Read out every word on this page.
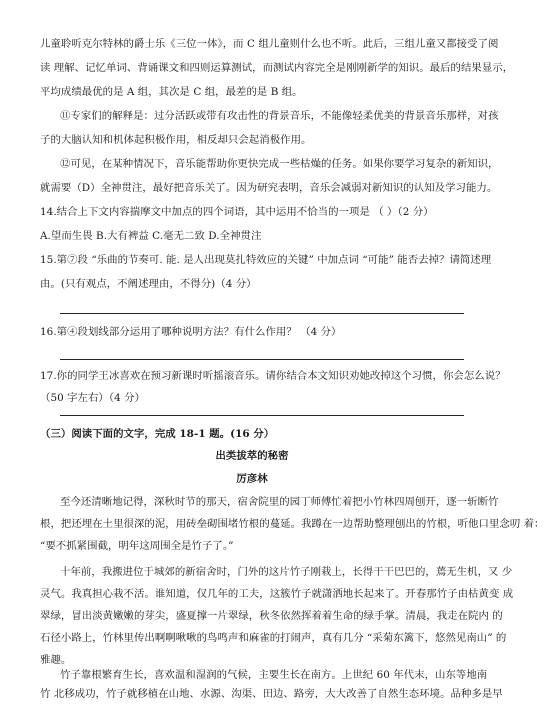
儿童聆听克尔特林的爵士乐《三位一体》，而 C 组儿童则什么也不听。此后，三组儿童又都接受了阅
读 理解、记忆单词、背诵课文和四则运算测试，而测试内容完全是刚刚新学的知识。最后的结果显示，
平均成绩最优的是 A 组，其次是 C 组，最差的是 B 组。
⑪专家们的解释是：过分活跃或带有攻击性的背景音乐，不能像轻柔优美的背景音乐那样，对孩
子的大脑认知和机体起积极作用，相反却只会起消极作用。
⑫可见，在某种情况下，音乐能帮助你更快完成一些枯燥的任务。如果你要学习复杂的新知识，
就需要（D）全神贯注，最好把音乐关了。因为研究表明，音乐会减弱对新知识的认知及学习能力。
14.结合上下文内容揣摩文中加点的四个词语，其中运用不恰当的一项是 （ ）（2 分）
A.望而生畏 B.大有裨益 C.毫无二致 D.全神贯注
15.第⑦段 “乐曲的节奏可. 能. 是人出现莫扎特效应的关键” 中加点词 “可能” 能否去掉？请简述理
由。(只有观点，不阐述理由，不得分)（4 分）
16.第④段划线部分运用了哪种说明方法？有什么作用？ （4 分）
17.你的同学王冰喜欢在预习新课时听摇滚音乐。请你结合本文知识劝她改掉这个习惯，你会怎么说？
（50 字左右）（4 分）
（三）阅读下面的文字，完成 18-1 题。(16 分）
出类拔萃的秘密
厉彦林
至今还清晰地记得，深秋时节的那天，宿舍院里的园丁师傅忙着把小竹林四周刨开，逐一斩断竹
根，把还埋在土里很深的泥，用砖垒砌围堵竹根的蔓延。我蹲在一边帮助整理刨出的竹根，听他口里念叨 着：
“要不抓紧围截，明年这周围全是竹子了。”
十年前，我搬进位于城郊的新宿舍时，门外的这片竹子刚栽上，长得干干巴巴的，蔫无生机，又 少
灵气。我真担心栽不活。谁知道，仅几年的工夫，这簇竹子就潇洒地长起来了。开春那竹子由枯黄变 成
翠绿，冒出淡黄嫩嫩的芽尖，盛夏撑一片翠绿，秋冬依然挥着着生命的绿手掌。清晨，我走在院内 的
石径小路上，竹林里传出啊啊啾啾的鸟鸣声和麻雀的打闹声，真有几分 “采菊东篱下，悠然见南山” 的
雅趣。
竹子靠根繁育生长，喜欢温和湿润的气候，主要生长在南方。上世纪 60 年代末，山东等地南
竹 北移成功，竹子就移植在山地、水源、沟渠、田边、路旁，大大改善了自然生态环境。品种多是早
